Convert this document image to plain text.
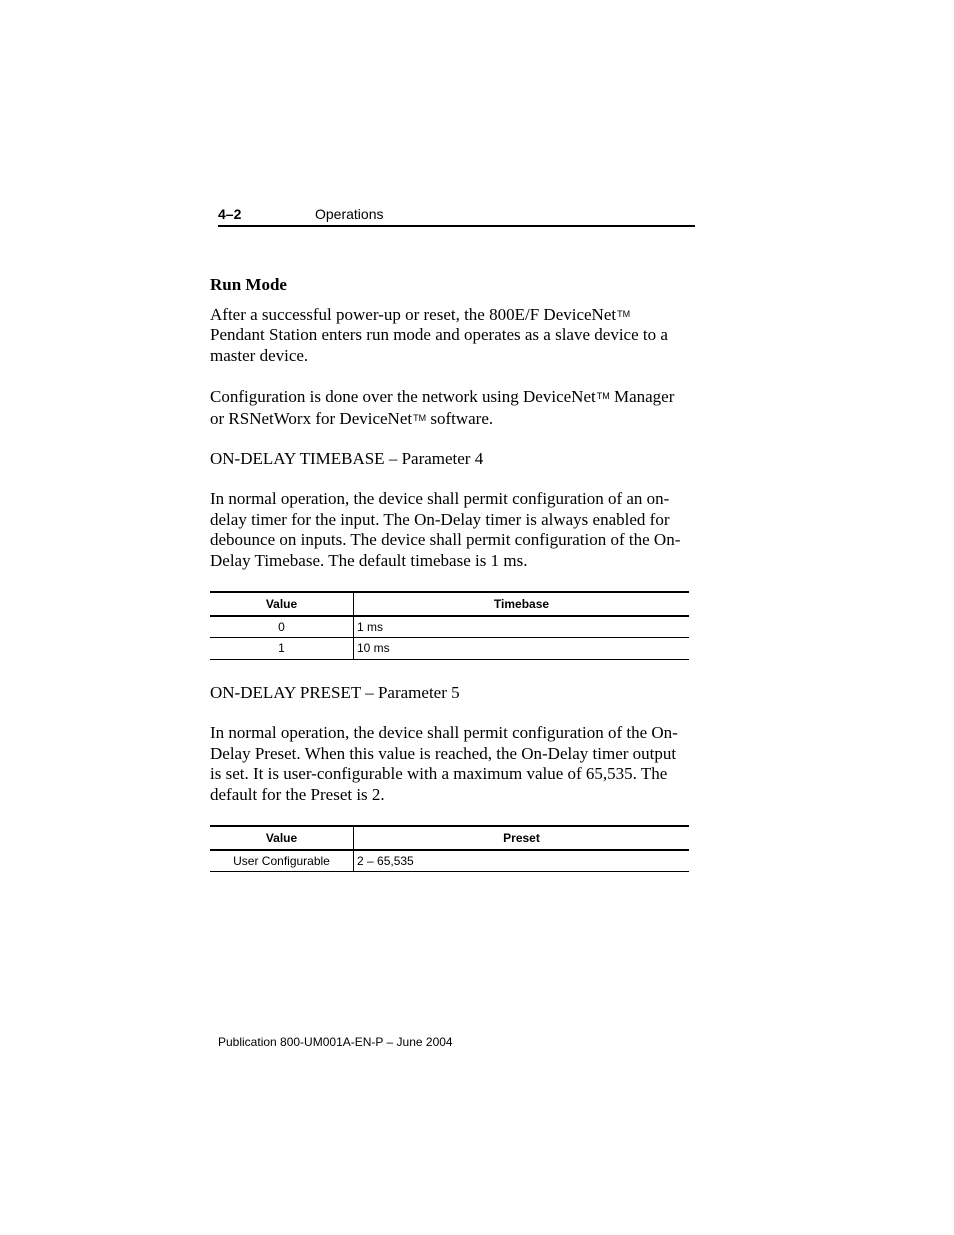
4–2	Operations
Run Mode

After a successful power-up or reset, the 800E/F DeviceNetTM
Pendant Station enters run mode and operates as a slave device to a master device.

Configuration is done over the network using DeviceNetTM Manager or RSNetWorx for DeviceNetTM software.

ON-DELAY TIMEBASE – Parameter 4

In normal operation, the device shall permit configuration of an on-delay timer for the input. The On-Delay timer is always enabled for debounce on inputs. The device shall permit configuration of the On-Delay Timebase. The default timebase is 1 ms.

Value	Timebase
0	1 ms
1	10 ms

ON-DELAY PRESET – Parameter 5

In normal operation, the device shall permit configuration of the On-Delay Preset. When this value is reached, the On-Delay timer output is set. It is user-configurable with a maximum value of 65,535. The default for the Preset is 2.

Value	Preset
User Configurable	2 – 65,535
Publication 800-UM001A-EN-P – June 2004
